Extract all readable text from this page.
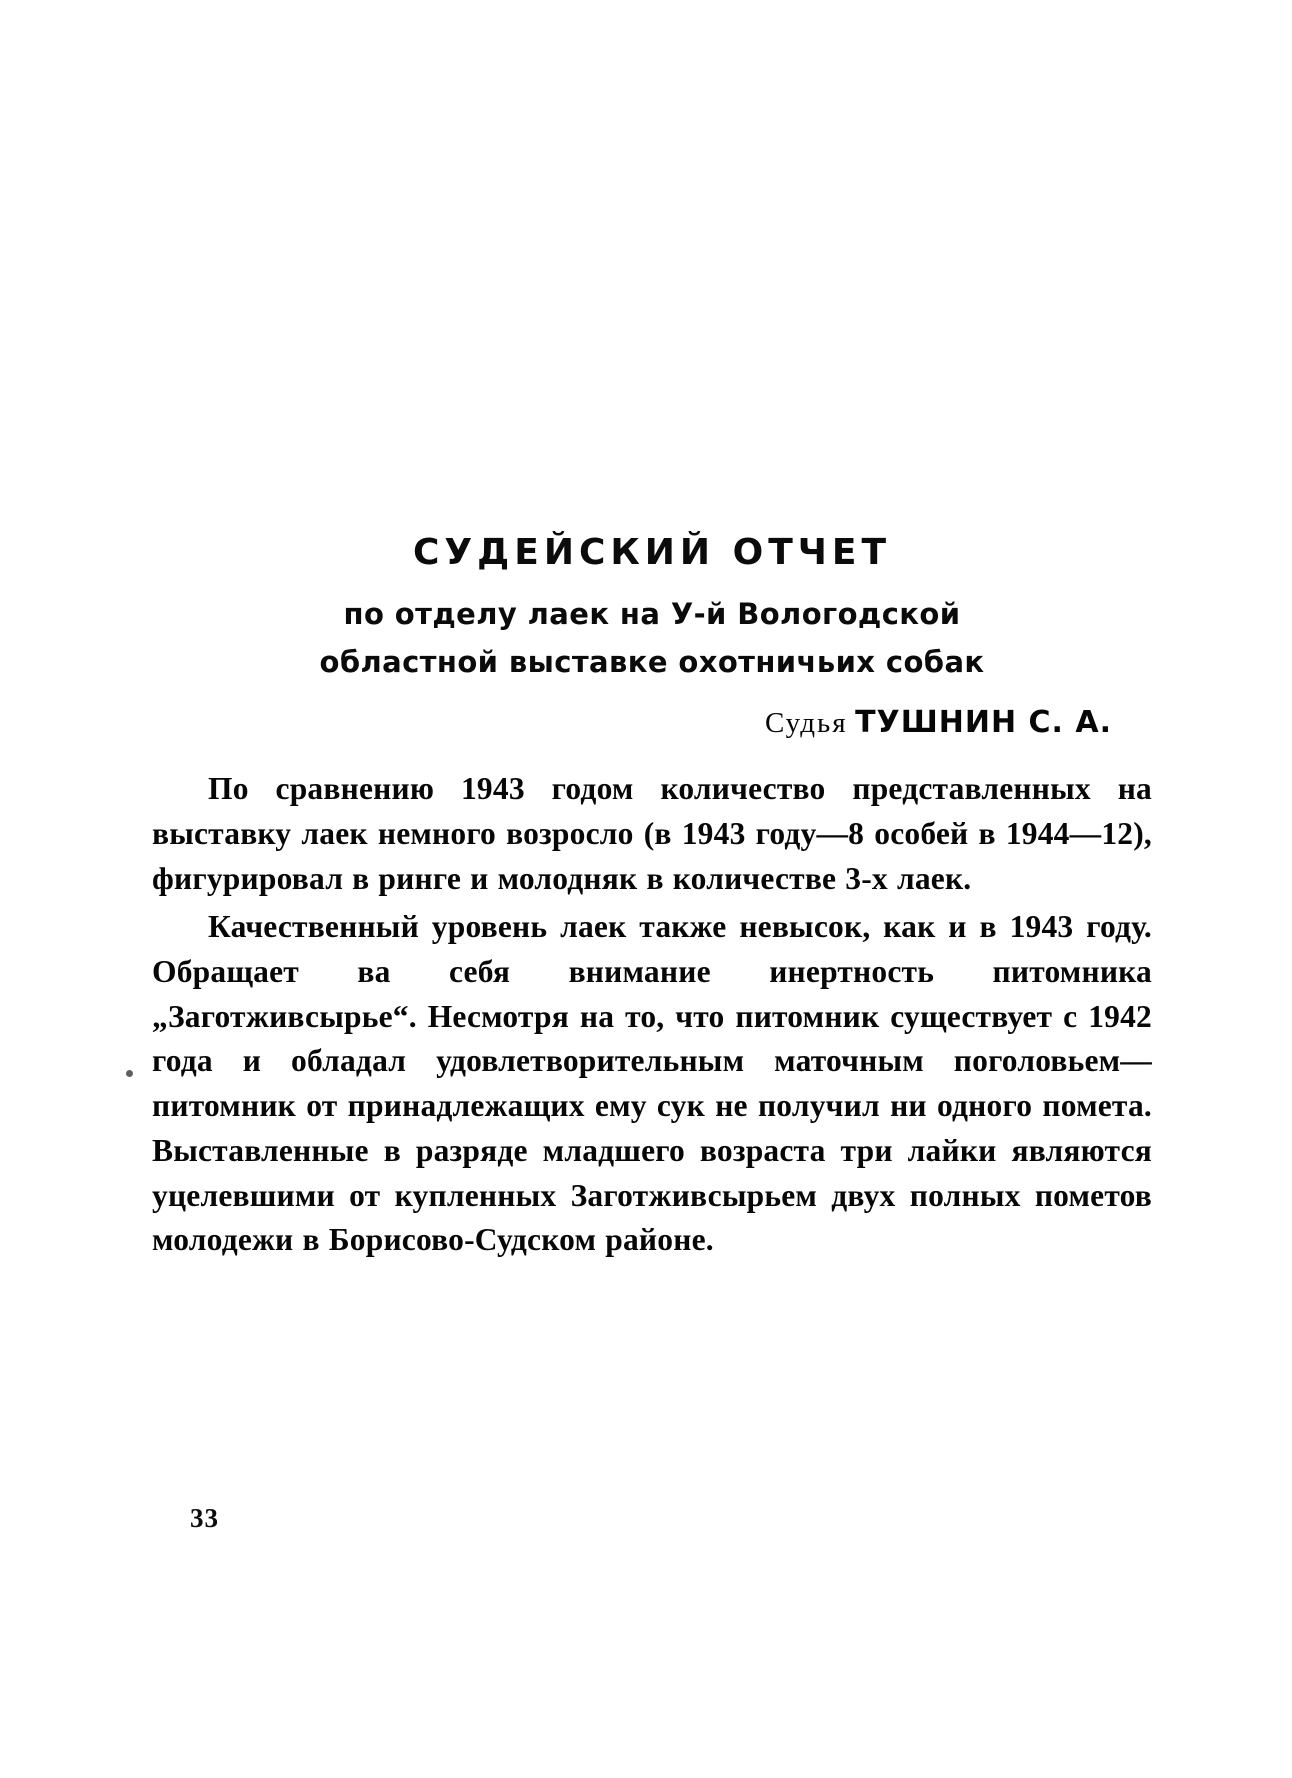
СУДЕЙСКИЙ ОТЧЕТ
по отделу лаек на У-й Вологодской
областной выставке охотничьих собак
Судья ТУШНИН С. А.

По сравнению 1943 годом количество представленных на выставку лаек немного возросло (в 1943 году—8 особей в 1944—12), фигурировал в ринге и молодняк в количестве 3-х лаек.

Качественный уровень лаек также невысок, как и в 1943 году. Обращает ва себя внимание инертность питомника „Заготживсырье“. Несмотря на то, что питомник существует с 1942 года и обладал удовлетворительным маточным поголовьем—питомник от принадлежащих ему сук не получил ни одного помета. Выставленные в разряде младшего возраста три лайки являются уцелевшими от купленных Заготживсырьем двух полных пометов молодежи в Борисово-Судском районе.

33
